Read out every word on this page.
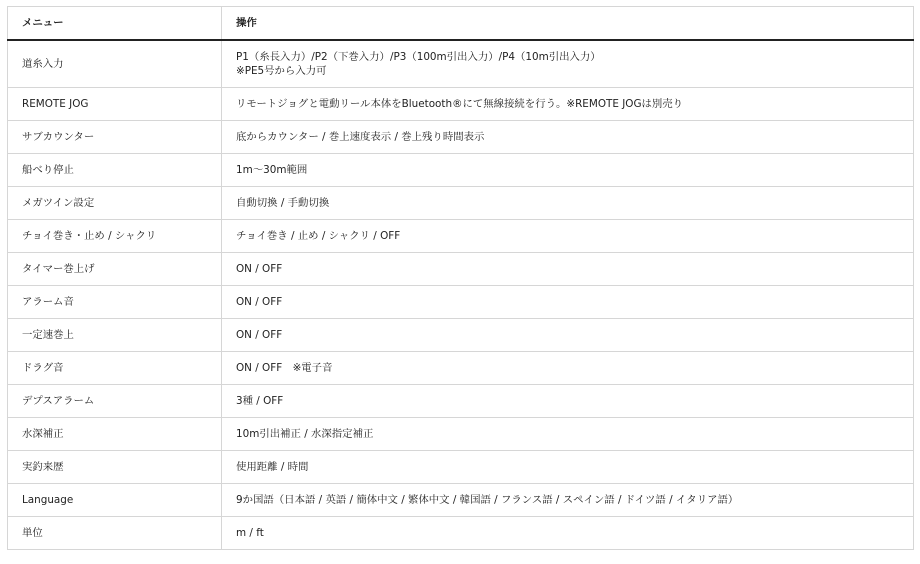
メニュー	操作
道糸入力	P1（糸長入力）/P2（下巻入力）/P3（100m引出入力）/P4（10m引出入力）
※PE5号から入力可

REMOTE JOG	リモートジョグと電動リール本体をBluetooth®にて無線接続を行う。※REMOTE JOGは別売り
サブカウンター	底からカウンター / 巻上速度表示 / 巻上残り時間表示
船べり停止	1m〜30m範囲
メガツイン設定	自動切換 / 手動切換
チョイ巻き・止め / シャクリ	チョイ巻き / 止め / シャクリ / OFF
タイマー巻上げ	ON / OFF
アラーム音	ON / OFF
一定速巻上	ON / OFF
ドラグ音	ON / OFF　※電子音
デプスアラーム	3種 / OFF
水深補正	10m引出補正 / 水深指定補正
実釣来歴	使用距離 / 時間
Language	9か国語（日本語 / 英語 / 簡体中文 / 繁体中文 / 韓国語 / フランス語 / スペイン語 / ドイツ語 / イタリア語）
単位	m / ft
